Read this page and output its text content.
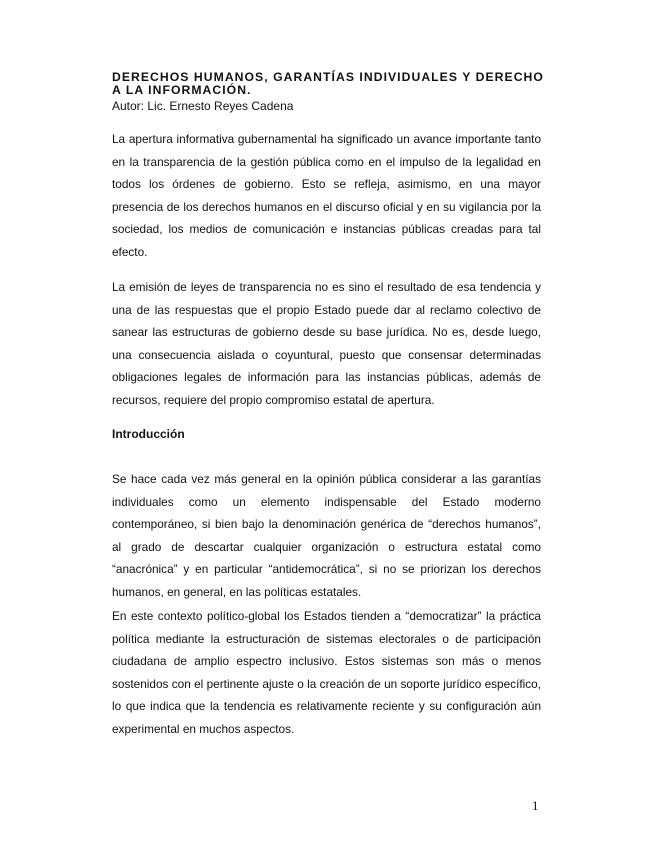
DERECHOS HUMANOS, GARANTÍAS INDIVIDUALES Y DERECHO A LA INFORMACIÓN.

Autor: Lic. Ernesto Reyes Cadena

La apertura informativa gubernamental ha significado un avance importante tanto en la transparencia de la gestión pública como en el impulso de la legalidad en todos los órdenes de gobierno. Esto se refleja, asimismo, en una mayor presencia de los derechos humanos en el discurso oficial y en su vigilancia por la sociedad, los medios de comunicación e instancias públicas creadas para tal efecto.

La emisión de leyes de transparencia no es sino el resultado de esa tendencia y una de las respuestas que el propio Estado puede dar al reclamo colectivo de sanear las estructuras de gobierno desde su base jurídica. No es, desde luego, una consecuencia aislada o coyuntural, puesto que consensar determinadas obligaciones legales de información para las instancias públicas, además de recursos, requiere del propio compromiso estatal de apertura.

Introducción

Se hace cada vez más general en la opinión pública considerar a las garantías individuales como un elemento indispensable del Estado moderno contemporáneo, si bien bajo la denominación genérica de “derechos humanos”, al grado de descartar cualquier organización o estructura estatal como “anacrónica” y en particular “antidemocrática”, si no se priorizan los derechos humanos, en general, en las políticas estatales.

En este contexto político-global los Estados tienden a “democratizar” la práctica política mediante la estructuración de sistemas electorales o de participación ciudadana de amplio espectro inclusivo. Estos sistemas son más o menos sostenidos con el pertinente ajuste o la creación de un soporte jurídico específico, lo que indica que la tendencia es relativamente reciente y su configuración aún experimental en muchos aspectos.

1
